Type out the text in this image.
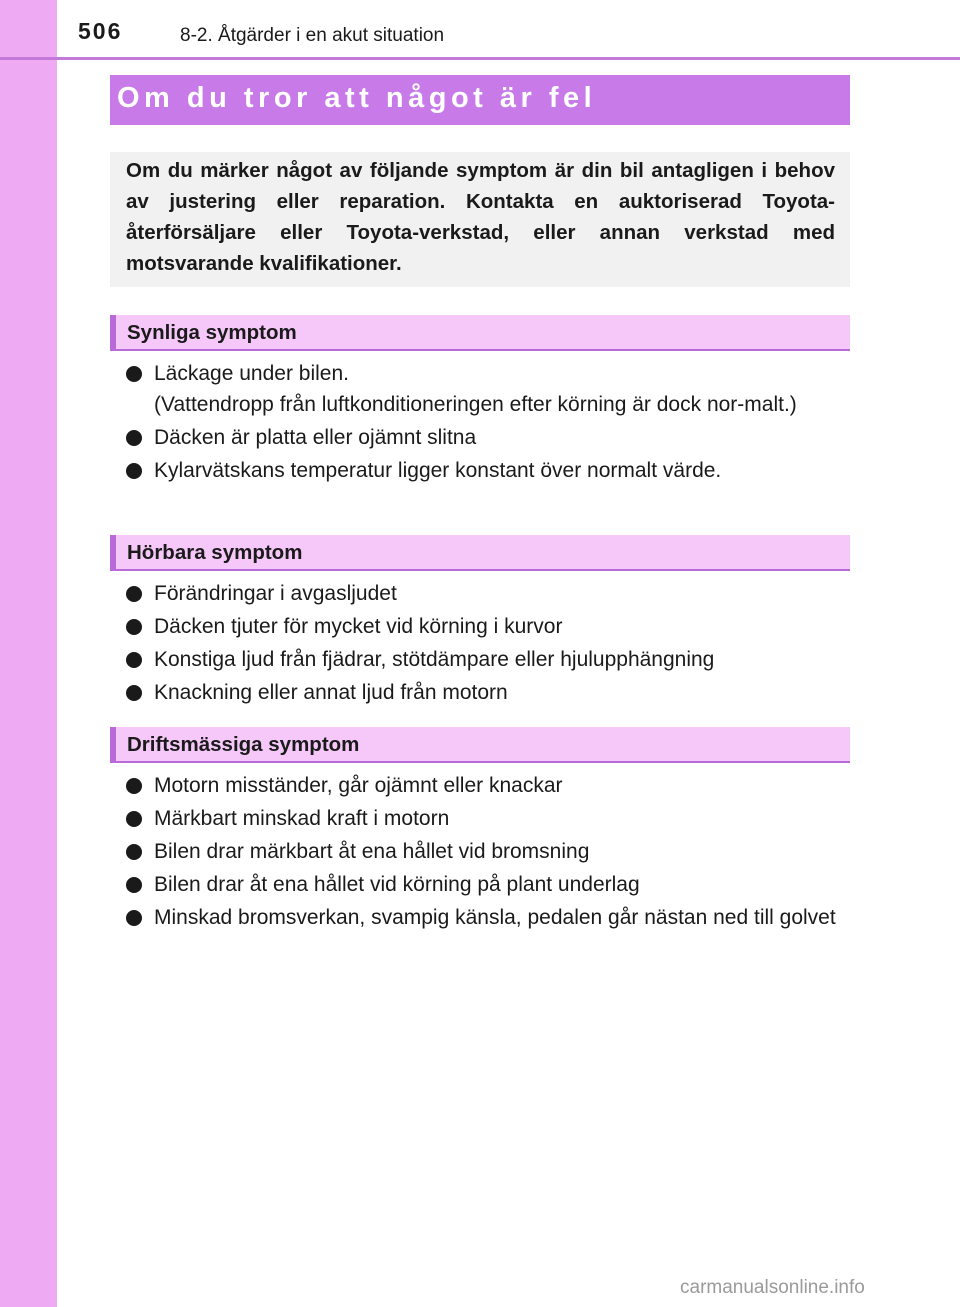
506	8-2. Åtgärder i en akut situation
Om du tror att något är fel

Om du märker något av följande symptom är din bil antagligen i behov av justering eller reparation. Kontakta en auktoriserad Toyota-återförsäljare eller Toyota-verkstad, eller annan verkstad med motsvarande kvalifikationer.

Synliga symptom
Läckage under bilen.
(Vattendropp från luftkonditioneringen efter körning är dock nor-malt.)
Däcken är platta eller ojämnt slitna
Kylarvätskans temperatur ligger konstant över normalt värde.
Hörbara symptom
Förändringar i avgasljudet
Däcken tjuter för mycket vid körning i kurvor
Konstiga ljud från fjädrar, stötdämpare eller hjulupphängning
Knackning eller annat ljud från motorn
Driftsmässiga symptom
Motorn misständer, går ojämnt eller knackar
Märkbart minskad kraft i motorn
Bilen drar märkbart åt ena hållet vid bromsning
Bilen drar åt ena hållet vid körning på plant underlag
Minskad bromsverkan, svampig känsla, pedalen går nästan ned till golvet
carmanualsonline.info
